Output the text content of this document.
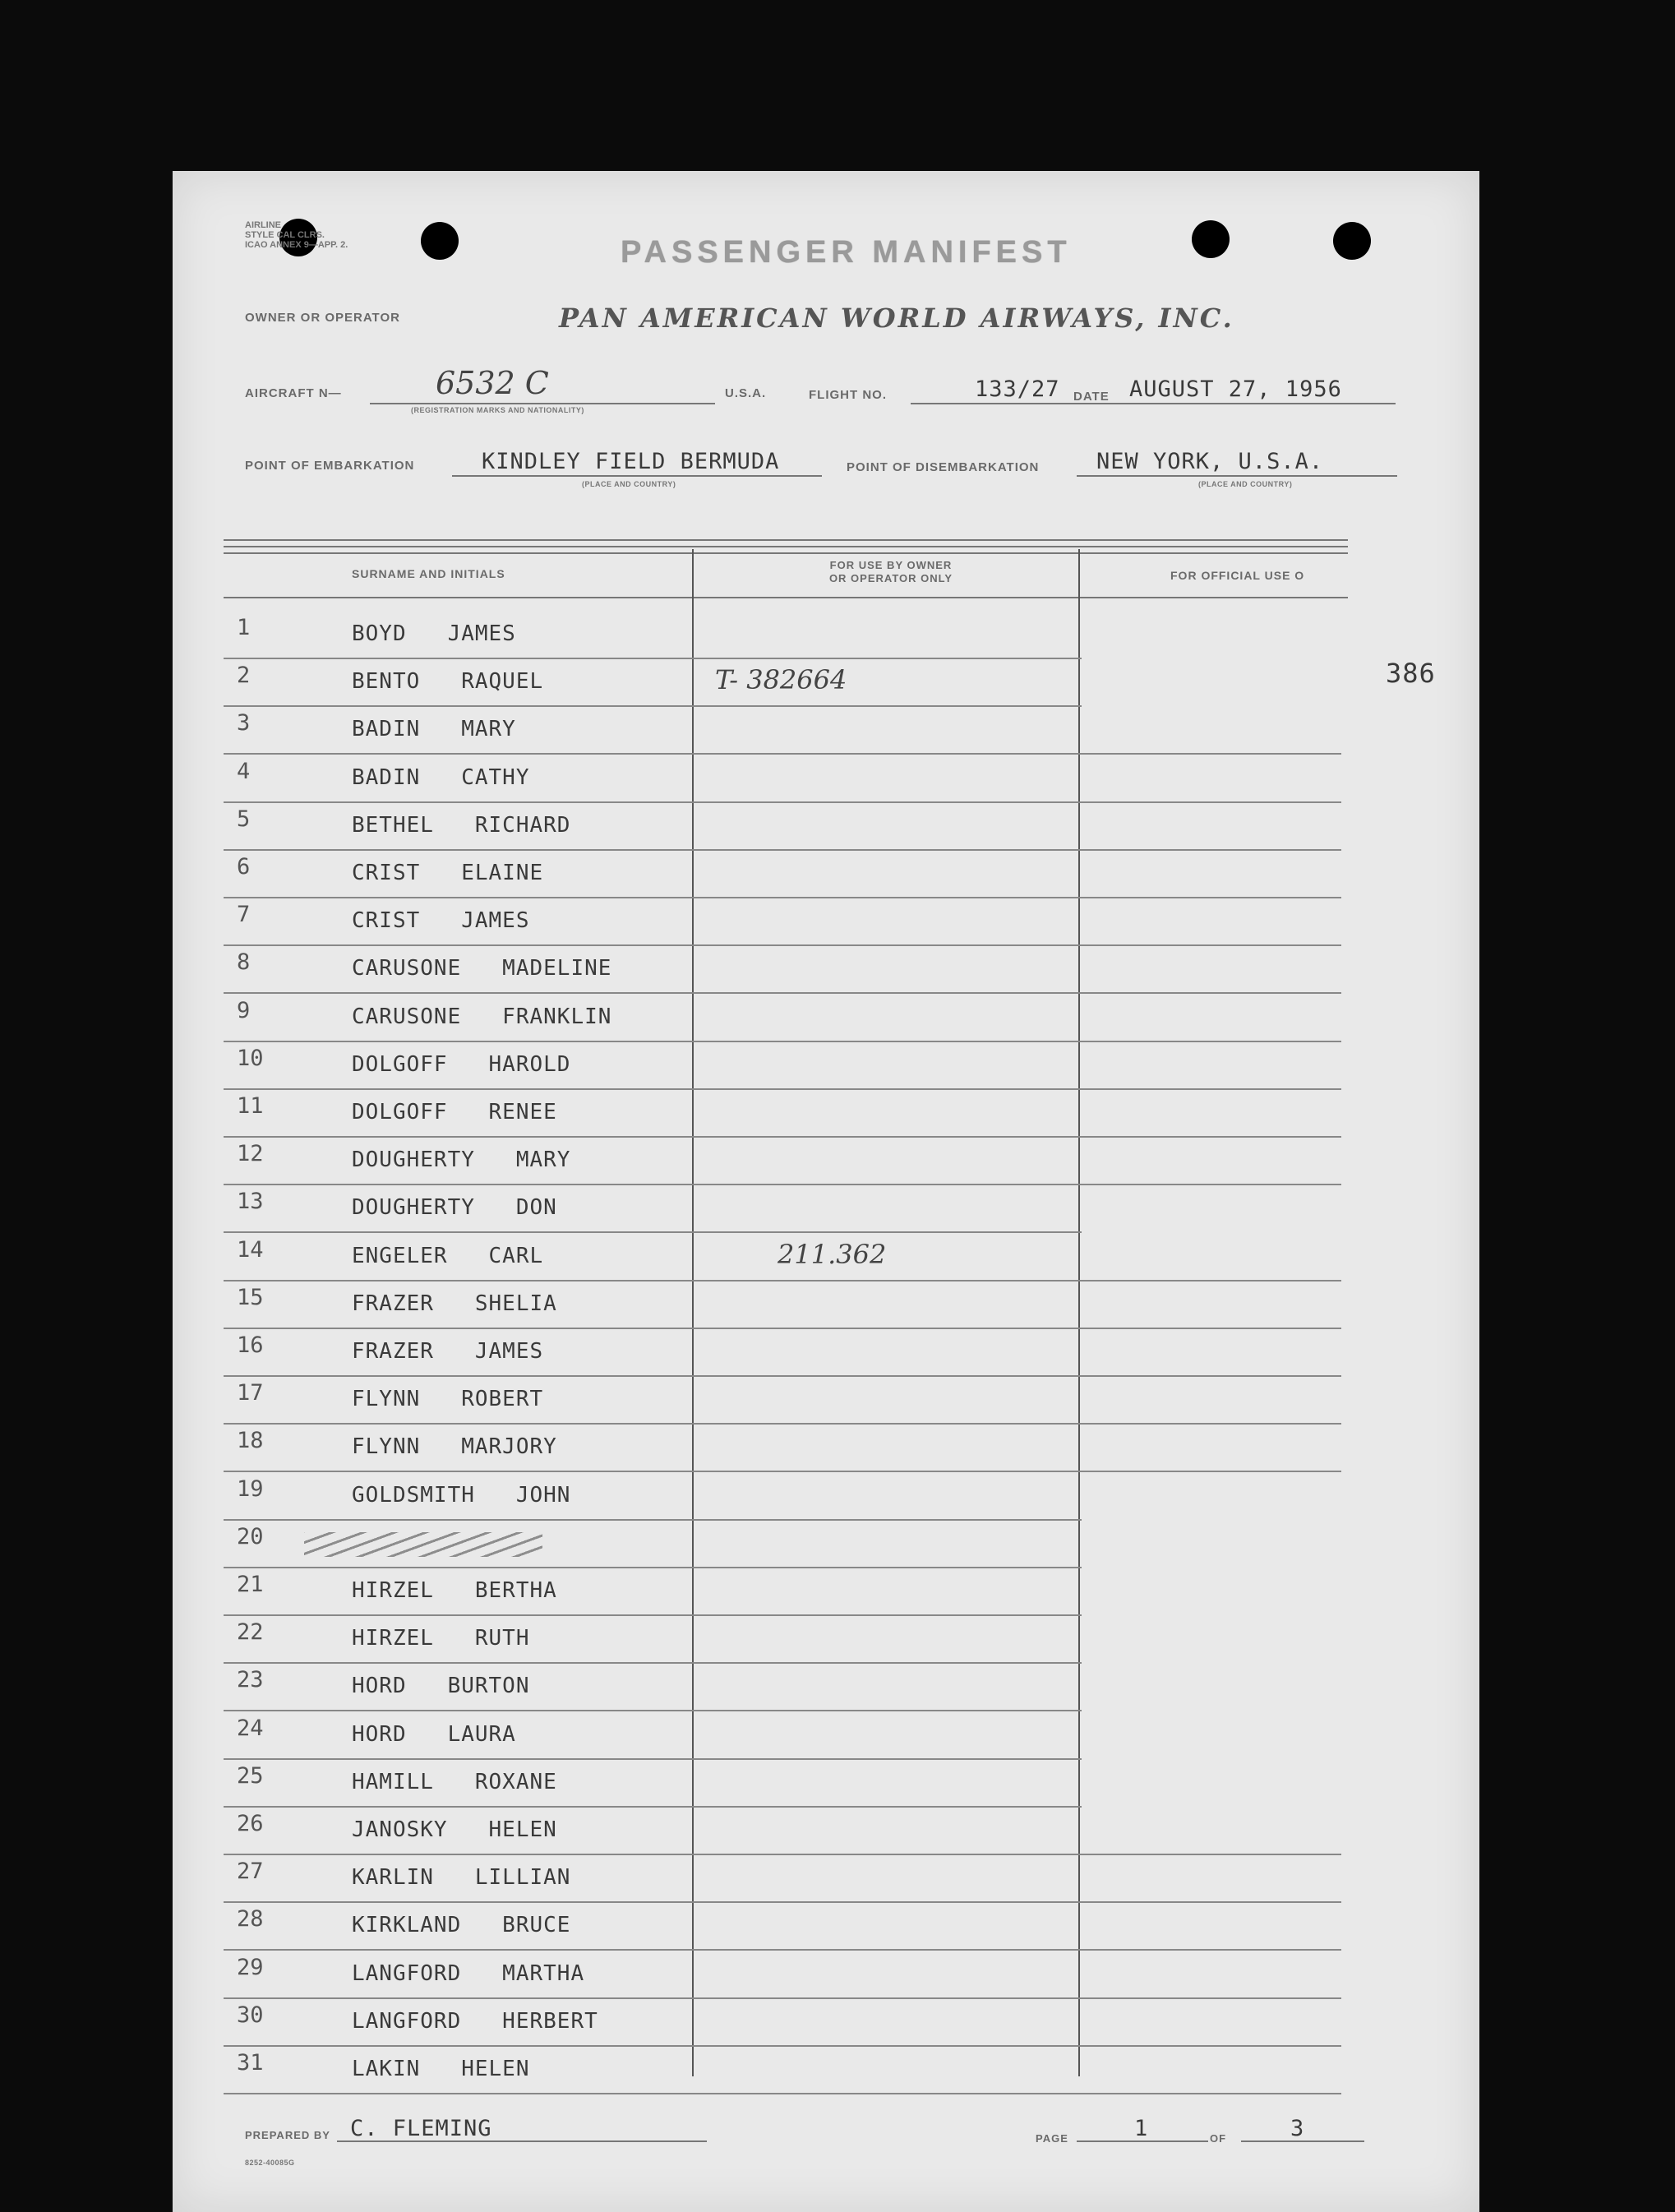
AIRLINE
STYLE CAL CLRS.
ICAO ANNEX 9—APP. 2.	PASSENGER MANIFEST
OWNER OR OPERATOR	PAN AMERICAN WORLD AIRWAYS, INC.
AIRCRAFT N—	6532 C
(REGISTRATION MARKS AND NATIONALITY)
U.S.A.	FLIGHT NO.	133/27 DATE AUGUST 27, 1956
POINT OF EMBARKATION	KINDLEY FIELD BERMUDA
(PLACE AND COUNTRY)
POINT OF DISEMBARKATION	NEW YORK, U.S.A.
(PLACE AND COUNTRY)
SURNAME AND INITIALS
FOR USE BY OWNER
OR OPERATOR ONLY	FOR OFFICIAL USE O
386
1	BOYD   JAMES
2	BENTO   RAQUEL	T- 382664
3	BADIN   MARY
4	BADIN   CATHY
5	BETHEL   RICHARD
6	CRIST   ELAINE
7	CRIST   JAMES
8	CARUSONE   MADELINE
9	CARUSONE   FRANKLIN
10	DOLGOFF   HAROLD
11	DOLGOFF   RENEE
12	DOUGHERTY   MARY
13	DOUGHERTY   DON
14	ENGELER   CARL	211.362
15	FRAZER   SHELIA
16	FRAZER   JAMES
17	FLYNN   ROBERT
18	FLYNN   MARJORY
19	GOLDSMITH   JOHN
20
21	HIRZEL   BERTHA
22	HIRZEL   RUTH
23	HORD   BURTON
24	HORD   LAURA
25	HAMILL   ROXANE
26	JANOSKY   HELEN
27	KARLIN   LILLIAN
28	KIRKLAND   BRUCE
29	LANGFORD   MARTHA
30	LANGFORD   HERBERT
31	LAKIN   HELEN
PREPARED BY C. FLEMING	PAGE	1	OF	3
8252-40085G
